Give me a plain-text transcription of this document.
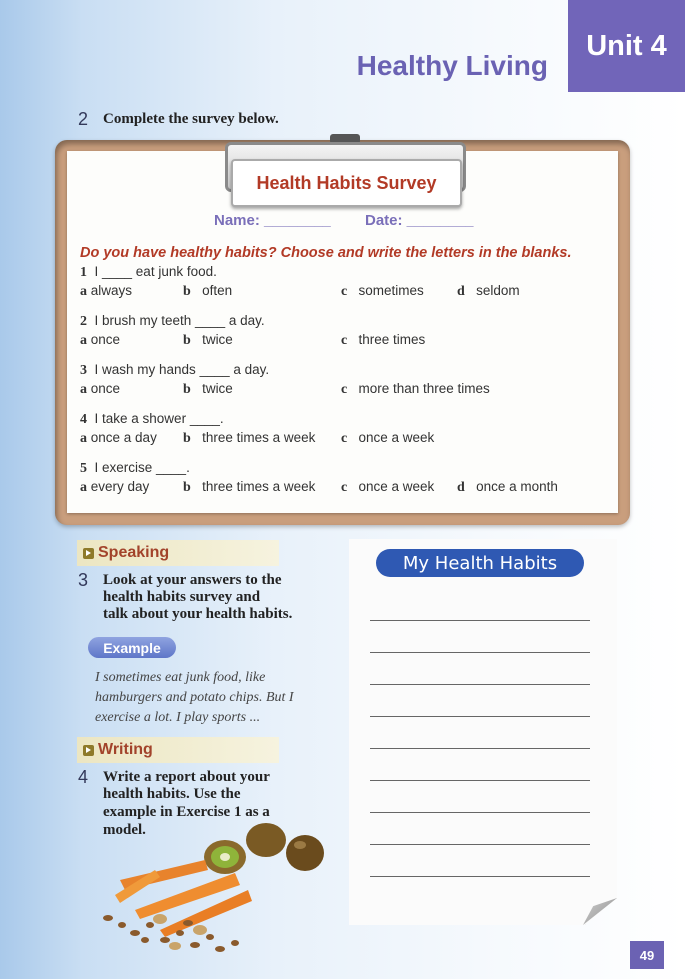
Unit 4
Healthy Living
2 Complete the survey below.
Health Habits Survey
Name: ________ Date: ________
Do you have healthy habits? Choose and write the letters in the blanks.
1 I ____ eat junk food.
a always	b often	c sometimes d seldom
2 I brush my teeth ____ a day.
a once	b twice	c three times
3 I wash my hands ____ a day.
a once	b twice	c more than three times
4 I take a shower ____.
a once a day b three times a week c once a week
5 I exercise ____.
a every day b three times a week c once a week d once a month
Speaking
3 Look at your answers to the
health habits survey and
talk about your health habits.
Example
I sometimes eat junk food, like
hamburgers and potato chips. But I
exercise a lot. I play sports ...
Writing
4 Write a report about your
health habits. Use the
example in Exercise 1 as a
model.
My Health Habits
49
